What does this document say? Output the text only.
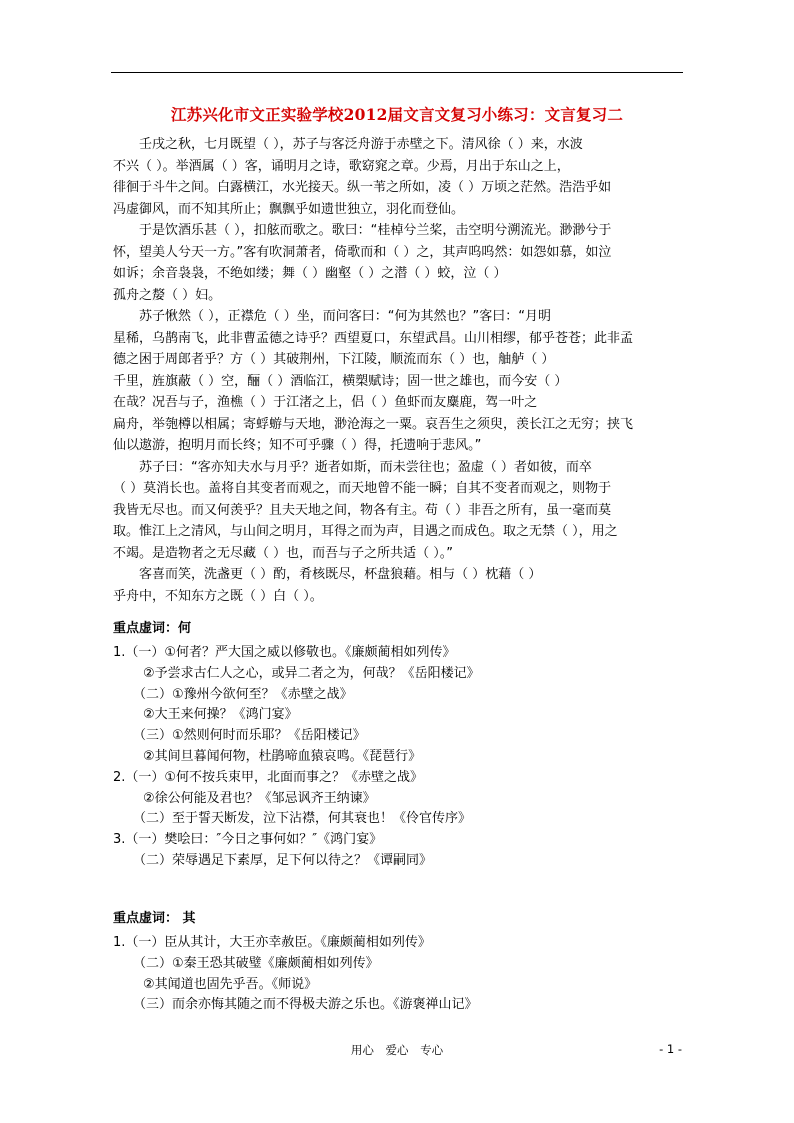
江苏兴化市文正实验学校2012届文言文复习小练习：文言复习二
壬戌之秋，七月既望（ ），苏子与客泛舟游于赤壁之下。清风徐（ ）来，水波
不兴（ ）。举酒属（ ）客，诵明月之诗，歌窈窕之章。少焉，月出于东山之上，
徘徊于斗牛之间。白露横江，水光接天。纵一苇之所如，凌（ ）万顷之茫然。浩浩乎如
冯虚御风，而不知其所止；飘飘乎如遗世独立，羽化而登仙。
于是饮酒乐甚（ ），扣舷而歌之。歌曰：“桂棹兮兰桨，击空明兮溯流光。渺渺兮于
怀，望美人兮天一方。”客有吹洞萧者，倚歌而和（ ）之，其声呜呜然：如怨如慕，如泣
如诉；余音袅袅，不绝如缕；舞（ ）幽壑（ ）之潜（ ）蛟，泣（ ）
孤舟之嫠（ ）妇。
苏子愀然（ ），正襟危（ ）坐，而问客曰：“何为其然也？”客曰：“月明
星稀，乌鹊南飞，此非曹孟德之诗乎？西望夏口，东望武昌。山川相缪，郁乎苍苍；此非孟
德之困于周郎者乎？方（ ）其破荆州，下江陵，顺流而东（ ）也，舳舻（ ）
千里，旌旗蔽（ ）空，酾（ ）酒临江，横槊赋诗；固一世之雄也，而今安（ ）
在哉？况吾与子，渔樵（ ）于江渚之上，侣（ ）鱼虾而友麋鹿，驾一叶之
扁舟，举匏樽以相属；寄蜉蝣与天地，渺沧海之一粟。哀吾生之须臾，羡长江之无穷；挟飞
仙以遨游，抱明月而长终；知不可乎骤（ ）得，托遗响于悲风。”
苏子曰：“客亦知夫水与月乎？逝者如斯，而未尝往也；盈虚（ ）者如彼，而卒
（ ）莫消长也。盖将自其变者而观之，而天地曾不能一瞬；自其不变者而观之，则物于
我皆无尽也。而又何羡乎？且夫天地之间，物各有主。苟（ ）非吾之所有，虽一毫而莫
取。惟江上之清风，与山间之明月，耳得之而为声，目遇之而成色。取之无禁（ ），用之
不竭。是造物者之无尽藏（ ）也，而吾与子之所共适（ ）。”
客喜而笑，洗盏更（ ）酌，肴核既尽，杯盘狼藉。相与（ ）枕藉（ ）
乎舟中，不知东方之既（ ）白（ ）。
重点虚词：何
1.（一）①何者？严大国之威以修敬也。《廉颇蔺相如列传》
②予尝求古仁人之心，或异二者之为，何哉？《岳阳楼记》
（二）①豫州今欲何至？《赤壁之战》
②大王来何操？《鸿门宴》
（三）①然则何时而乐耶？《岳阳楼记》
②其间旦暮闻何物，杜鹃啼血猿哀鸣。《琵琶行》
2.（一）①何不按兵束甲，北面而事之？《赤壁之战》
②徐公何能及君也？《邹忌讽齐王纳谏》
（二）至于誓天断发，泣下沾襟，何其衰也！《伶官传序》
3.（一）樊哙曰：″今日之事何如？″《鸿门宴》
（二）荣辱遇足下素厚，足下何以待之？《谭嗣同》
重点虚词： 其
1.（一）臣从其计，大王亦幸赦臣。《廉颇蔺相如列传》
（二）①秦王恐其破璧《廉颇蔺相如列传》
②其闻道也固先乎吾。《师说》
（三）而余亦悔其随之而不得极夫游之乐也。《游褒禅山记》
用心 爱心 专心	- 1 -
